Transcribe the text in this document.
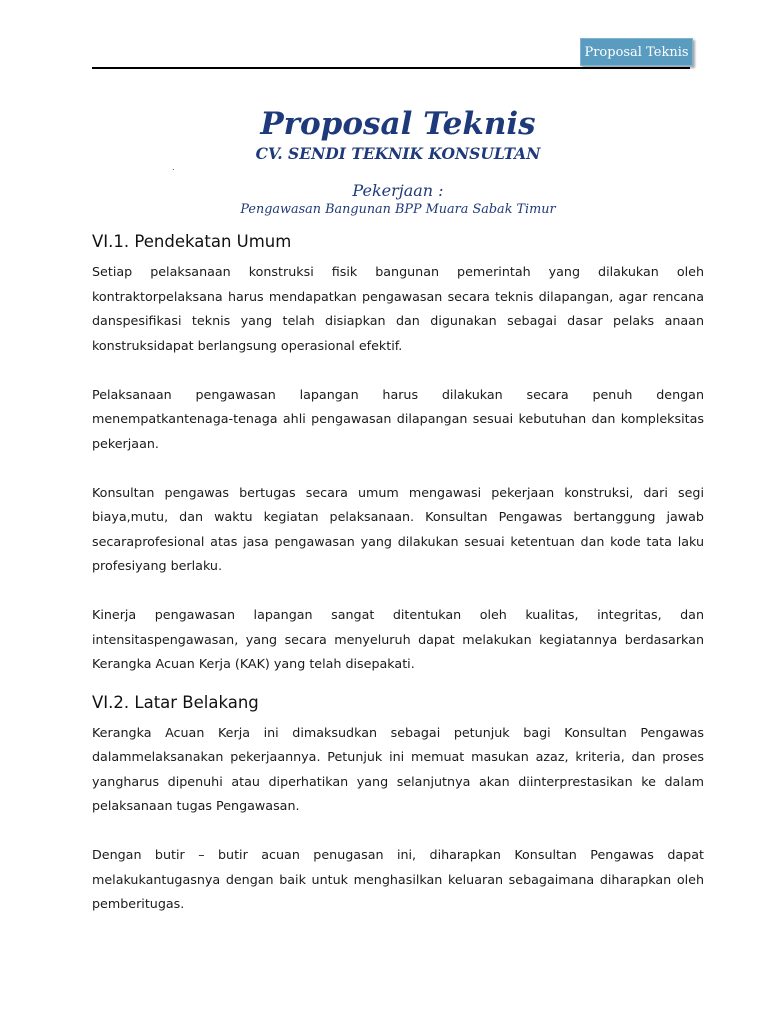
Proposal Teknis
Proposal Teknis
CV. SENDI TEKNIK KONSULTAN
.
Pekerjaan :
Pengawasan Bangunan BPP Muara Sabak Timur
VI.1. Pendekatan Umum

Setiap pelaksanaan konstruksi fisik bangunan pemerintah yang dilakukan oleh kontraktorpelaksana harus mendapatkan pengawasan secara teknis dilapangan, agar rencana danspesifikasi teknis yang telah disiapkan dan digunakan sebagai dasar pelaks anaan konstruksidapat berlangsung operasional efektif.

Pelaksanaan pengawasan lapangan harus dilakukan secara penuh dengan menempatkantenaga-tenaga ahli pengawasan dilapangan sesuai kebutuhan dan kompleksitas pekerjaan.

Konsultan pengawas bertugas secara umum mengawasi pekerjaan konstruksi, dari segi biaya,mutu, dan waktu kegiatan pelaksanaan. Konsultan Pengawas bertanggung jawab secaraprofesional atas jasa pengawasan yang dilakukan sesuai ketentuan dan kode tata laku profesiyang berlaku.

Kinerja pengawasan lapangan sangat ditentukan oleh kualitas, integritas, dan intensitaspengawasan, yang secara menyeluruh dapat melakukan kegiatannya berdasarkan Kerangka Acuan Kerja (KAK) yang telah disepakati.

VI.2. Latar Belakang

Kerangka Acuan Kerja ini dimaksudkan sebagai petunjuk bagi Konsultan Pengawas dalammelaksanakan pekerjaannya. Petunjuk ini memuat masukan azaz, kriteria, dan proses yangharus dipenuhi atau diperhatikan yang selanjutnya akan diinterprestasikan ke dalam pelaksanaan tugas Pengawasan.

Dengan butir – butir acuan penugasan ini, diharapkan Konsultan Pengawas dapat melakukantugasnya dengan baik untuk menghasilkan keluaran sebagaimana diharapkan oleh pemberitugas.
